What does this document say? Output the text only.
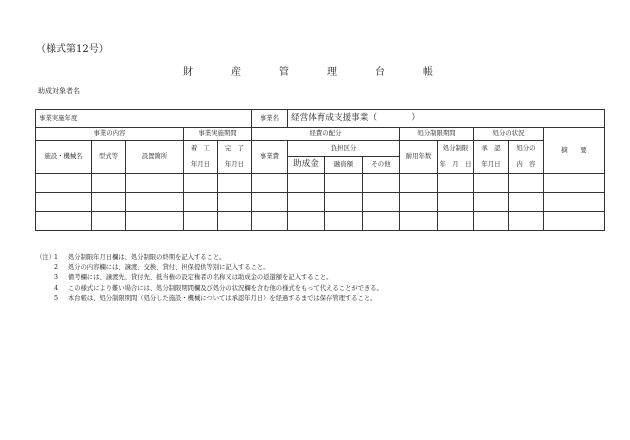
（様式第12号）
財　産　管　理　台　帳
助成対象者名
事業実施年度					事業名	経営体育成支援事業（　　　　）							
事業の内容			事業実施期間		経費の配分				処分制限期間		処分の状況		摘　　要
施設・機械名	型式等	設置箇所	着　工	完　了	事業費	負担区分			耐用年数	処分制限	承　認	処分の	
			年月日	年月日		助成金	融資額	その他		年　月　日	年月日	内　容	

（注） 1	処分制限年月日欄は、処分制限の終期を記入すること。
2	処分の内容欄には、譲渡、交換、貸付、担保提供等別に記入すること。
3	備考欄には、譲渡先、貸付先、抵当権の設定権者の名称又は助成金の返還額を記入すること。
4	この様式により難い場合には、処分制限期間欄及び処分の状況欄を含む他の様式をもって代えることができる。
5	本台帳は、処分制限期間（処分した施設・機械については承認年月日）を経過するまでは保存管理すること。
